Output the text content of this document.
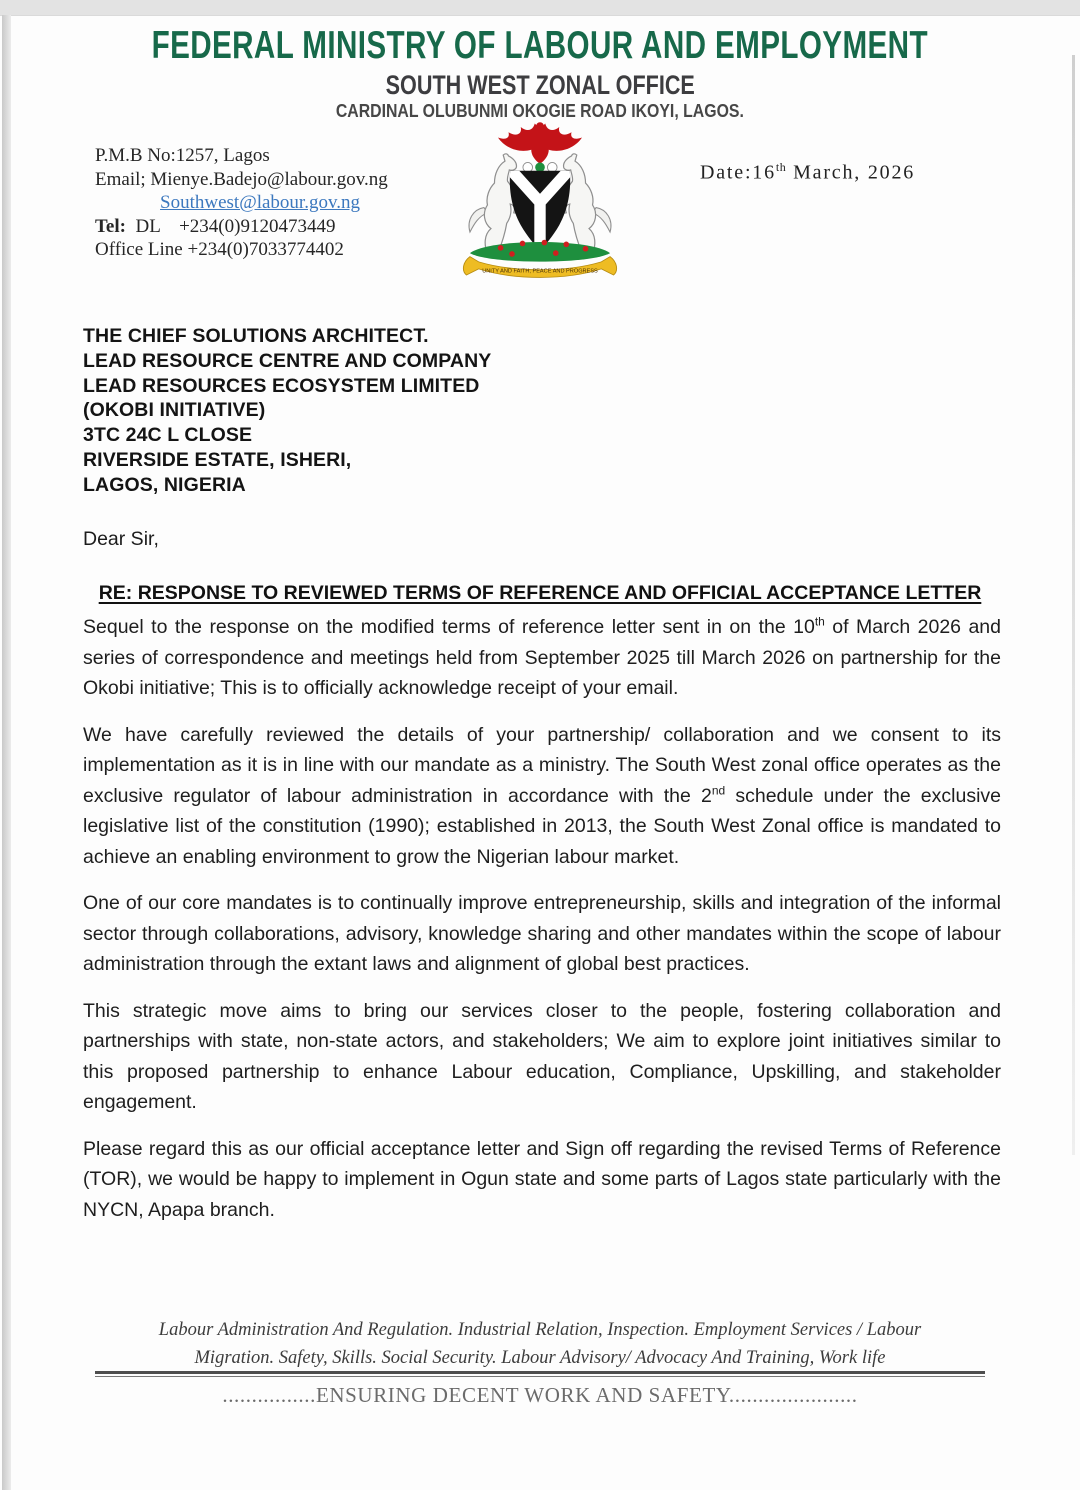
FEDERAL MINISTRY OF LABOUR AND EMPLOYMENT
SOUTH WEST ZONAL OFFICE
CARDINAL OLUBUNMI OKOGIE ROAD IKOYI, LAGOS.
P.M.B No:1257, Lagos
Email; Mienye.Badejo@labour.gov.ng
Southwest@labour.gov.ng
Tel:  DL    +234(0)9120473449
Office Line +234(0)7033774402
UNITY AND FAITH, PEACE AND PROGRESS
Date:16th March, 2026
THE CHIEF SOLUTIONS ARCHITECT.
LEAD RESOURCE CENTRE AND COMPANY
LEAD RESOURCES ECOSYSTEM LIMITED
(OKOBI INITIATIVE)
3TC 24C L CLOSE
RIVERSIDE ESTATE, ISHERI,
LAGOS, NIGERIA
Dear Sir,
RE: RESPONSE TO REVIEWED TERMS OF REFERENCE AND OFFICIAL ACCEPTANCE LETTER

Sequel to the response on the modified terms of reference letter sent in on the 10th of March 2026 and series of correspondence and meetings held from September 2025 till March 2026 on partnership for the Okobi initiative; This is to officially acknowledge receipt of your email.

We have carefully reviewed the details of your partnership/ collaboration and we consent to its implementation as it is in line with our mandate as a ministry. The South West zonal office operates as the exclusive regulator of labour administration in accordance with the 2nd schedule under the exclusive legislative list of the constitution (1990); established in 2013, the South West Zonal office is mandated to achieve an enabling environment to grow the Nigerian labour market.

One of our core mandates is to continually improve entrepreneurship, skills and integration of the informal sector through collaborations, advisory, knowledge sharing and other mandates within the scope of labour administration through the extant laws and alignment of global best practices.

This strategic move aims to bring our services closer to the people, fostering collaboration and partnerships with state, non-state actors, and stakeholders; We aim to explore joint initiatives similar to this proposed partnership to enhance Labour education, Compliance, Upskilling, and stakeholder engagement.

Please regard this as our official acceptance letter and Sign off regarding the revised Terms of Reference (TOR), we would be happy to implement in Ogun state and some parts of Lagos state particularly with the NYCN, Apapa branch.

Labour Administration And Regulation. Industrial Relation, Inspection. Employment Services / Labour
Migration. Safety, Skills. Social Security. Labour Advisory/ Advocacy And Training, Work life
................ENSURING DECENT WORK AND SAFETY......................
